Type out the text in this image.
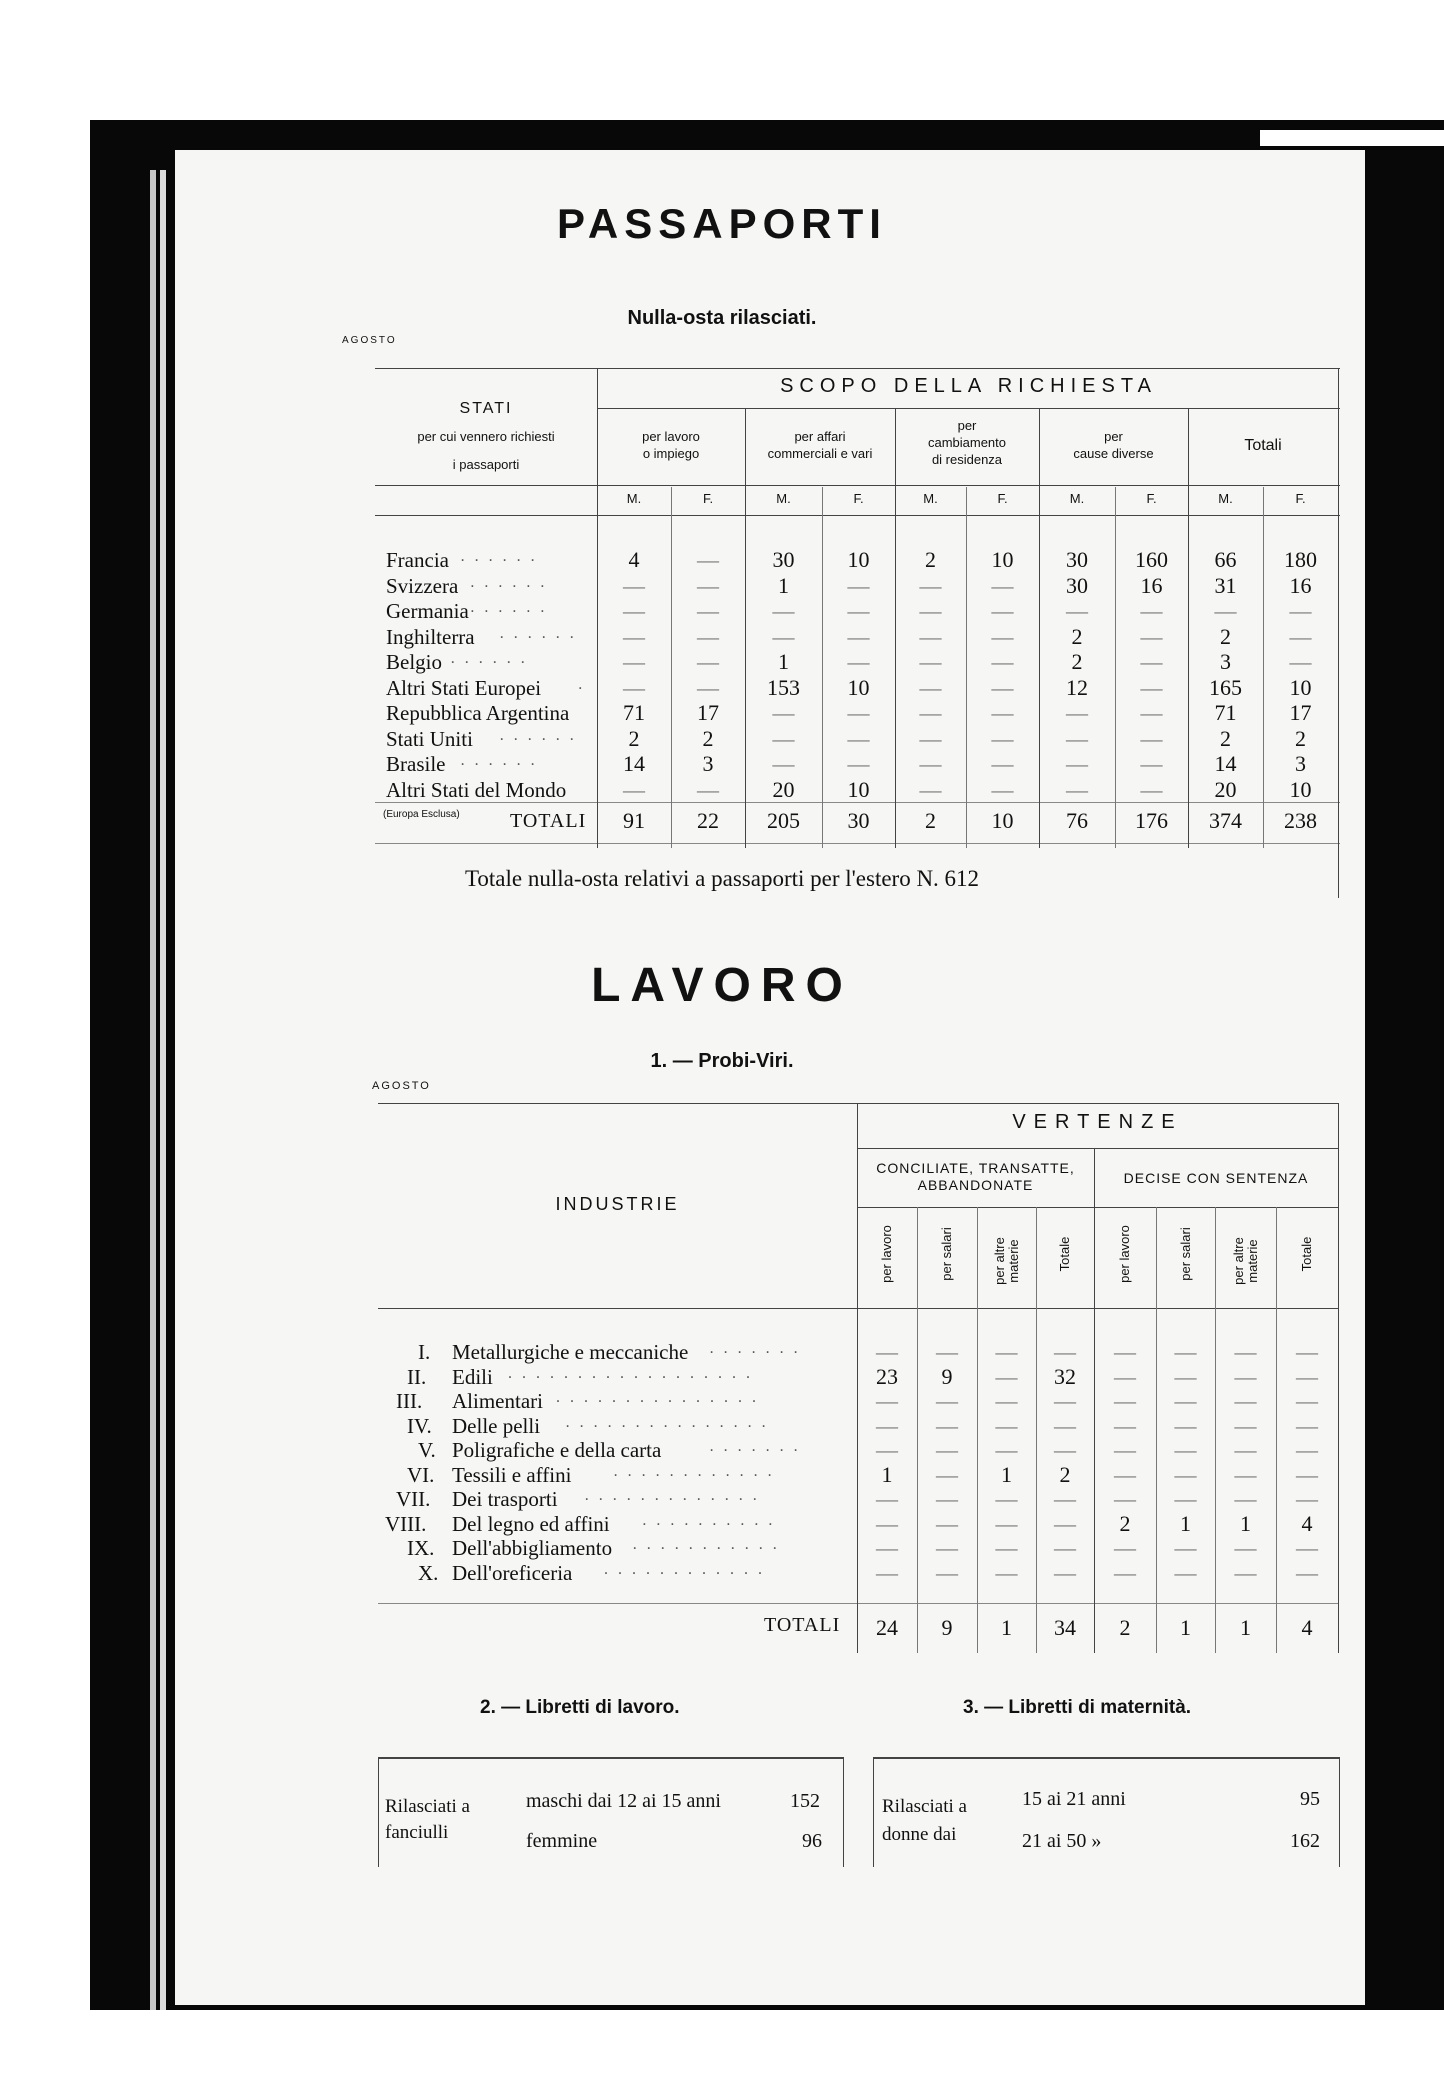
PASSAPORTI
Nulla-osta rilasciati.
AGOSTO
STATI
per cui vennero richiesti
i passaporti
SCOPO DELLA RICHIESTA
per lavoro
o impiego
per affari
commerciali e vari
per
cambiamento
di residenza
per
cause diverse	Totali
M.	F.	M.	F.	M.	F.	M.	F.	M.	F.
Francia . . . . . .	4	—	30	10	2	10	30	160	66	180
Svizzera . . . . . .	—	—	1	—	—	—	30	16	31	16
Germania . . . . . .	—	—	—	—	—	—	—	—	—	—
Inghilterra . . . . . .	—	—	—	—	—	—	2	—	2	—
Belgio . . . . . .	—	—	1	—	—	—	2	—	3	—
Altri Stati Europei .	—	—	153	10	—	—	12	—	165	10
Repubblica Argentina	71	17	—	—	—	—	—	—	71	17
Stati Uniti . . . . . .	2	2	—	—	—	—	—	—	2	2
Brasile . . . . . .	14	3	—	—	—	—	—	—	14	3
Altri Stati del Mondo	—	—	20	10	—	—	—	—	20	10
(Europa Esclusa)	TOTALI	91	22	205	30	2	10	76	176	374	238
Totale nulla-osta relativi a passaporti per l'estero N. 612
LAVORO
1. — Probi-Viri.
AGOSTO
VERTENZE
CONCILIATE, TRANSATTE,
ABBANDONATE	DECISE CON SENTENZA
INDUSTRIE
per lavoro	per salari	per altre
materie	Totale	per lavoro	per salari	per altre
materie	Totale
I. Metallurgiche e meccaniche . . . . . . .	—	—	—	—	—	—	—	—
II. Edili . . . . . . . . . . . . . . . . . .	23	9	—	32	—	—	—	—
III. Alimentari . . . . . . . . . . . . . . .	—	—	—	—	—	—	—	—
IV. Delle pelli . . . . . . . . . . . . . . .	—	—	—	—	—	—	—	—
V. Poligrafiche e della carta	. . . . . . .	—	—	—	—	—	—	—	—
VI. Tessili e affini	. . . . . . . . . . . .	1	—	1	2	—	—	—	—
VII. Dei trasporti . . . . . . . . . . . . .	—	—	—	—	—	—	—	—
VIII. Del legno ed affini . . . . . . . . . .	—	—	—	—	2	1	1	4
IX. Dell'abbigliamento . . . . . . . . . . .	—	—	—	—	—	—	—	—
X. Dell'oreficeria . . . . . . . . . . . .	—	—	—	—	—	—	—	—
TOTALI	24	9	1	34	2	1	1	4
2. — Libretti di lavoro.	3. — Libretti di maternità.
Rilasciati a
fanciulli
maschi dai 12 ai 15 anni	152
femmine	96
Rilasciati a
donne dai
15 ai 21 anni	95
21 ai 50 »	162
